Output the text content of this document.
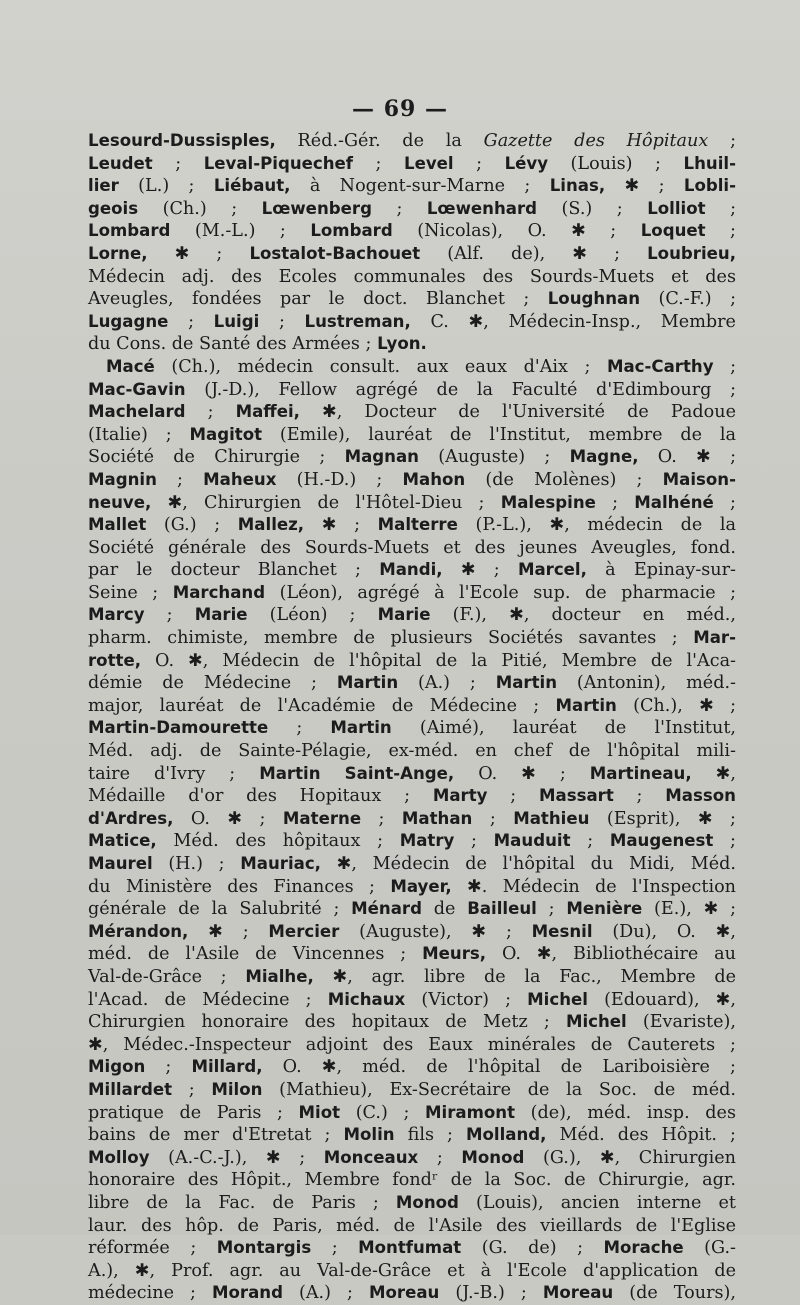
— 69 —
Lesourd-Dussisples, Réd.-Gér. de la Gazette des Hôpitaux ;
Leudet ; Leval-Piquechef ; Level ; Lévy (Louis) ; Lhuil-
lier (L.) ; Liébaut, à Nogent-sur-Marne ; Linas, ✱ ; Lobli-
geois (Ch.) ; Lœwenberg ; Lœwenhard (S.) ; Lolliot ;
Lombard (M.-L.) ; Lombard (Nicolas), O. ✱ ; Loquet ;
Lorne, ✱ ; Lostalot-Bachouet (Alf. de), ✱ ; Loubrieu,
Médecin adj. des Ecoles communales des Sourds-Muets et des
Aveugles, fondées par le doct. Blanchet ; Loughnan (C.-F.) ;
Lugagne ; Luigi ; Lustreman, C. ✱, Médecin-Insp., Membre
du Cons. de Santé des Armées ; Lyon.
Macé (Ch.), médecin consult. aux eaux d'Aix ; Mac-Carthy ;
Mac-Gavin (J.-D.), Fellow agrégé de la Faculté d'Edimbourg ;
Machelard ; Maffei, ✱, Docteur de l'Université de Padoue
(Italie) ; Magitot (Emile), lauréat de l'Institut, membre de la
Société de Chirurgie ; Magnan (Auguste) ; Magne, O. ✱ ;
Magnin ; Maheux (H.-D.) ; Mahon (de Molènes) ; Maison-
neuve, ✱, Chirurgien de l'Hôtel-Dieu ; Malespine ; Malhéné ;
Mallet (G.) ; Mallez, ✱ ; Malterre (P.-L.), ✱, médecin de la
Société générale des Sourds-Muets et des jeunes Aveugles, fond.
par le docteur Blanchet ; Mandi, ✱ ; Marcel, à Epinay-sur-
Seine ; Marchand (Léon), agrégé à l'Ecole sup. de pharmacie ;
Marcy ; Marie (Léon) ; Marie (F.), ✱, docteur en méd.,
pharm. chimiste, membre de plusieurs Sociétés savantes ; Mar-
rotte, O. ✱, Médecin de l'hôpital de la Pitié, Membre de l'Aca-
démie de Médecine ; Martin (A.) ; Martin (Antonin), méd.-
major, lauréat de l'Académie de Médecine ; Martin (Ch.), ✱ ;
Martin-Damourette ; Martin (Aimé), lauréat de l'Institut,
Méd. adj. de Sainte-Pélagie, ex-méd. en chef de l'hôpital mili-
taire d'Ivry ; Martin Saint-Ange, O. ✱ ; Martineau, ✱,
Médaille d'or des Hopitaux ; Marty ; Massart ; Masson
d'Ardres, O. ✱ ; Materne ; Mathan ; Mathieu (Esprit), ✱ ;
Matice, Méd. des hôpitaux ; Matry ; Mauduit ; Maugenest ;
Maurel (H.) ; Mauriac, ✱, Médecin de l'hôpital du Midi, Méd.
du Ministère des Finances ; Mayer, ✱. Médecin de l'Inspection
générale de la Salubrité ; Ménard de Bailleul ; Menière (E.), ✱ ;
Mérandon, ✱ ; Mercier (Auguste), ✱ ; Mesnil (Du), O. ✱,
méd. de l'Asile de Vincennes ; Meurs, O. ✱, Bibliothécaire au
Val-de-Grâce ; Mialhe, ✱, agr. libre de la Fac., Membre de
l'Acad. de Médecine ; Michaux (Victor) ; Michel (Edouard), ✱,
Chirurgien honoraire des hopitaux de Metz ; Michel (Evariste),
✱, Médec.-Inspecteur adjoint des Eaux minérales de Cauterets ;
Migon ; Millard, O. ✱, méd. de l'hôpital de Lariboisière ;
Millardet ; Milon (Mathieu), Ex-Secrétaire de la Soc. de méd.
pratique de Paris ; Miot (C.) ; Miramont (de), méd. insp. des
bains de mer d'Etretat ; Molin fils ; Molland, Méd. des Hôpit. ;
Molloy (A.-C.-J.), ✱ ; Monceaux ; Monod (G.), ✱, Chirurgien
honoraire des Hôpit., Membre fondʳ de la Soc. de Chirurgie, agr.
libre de la Fac. de Paris ; Monod (Louis), ancien interne et
laur. des hôp. de Paris, méd. de l'Asile des vieillards de l'Eglise
réformée ; Montargis ; Montfumat (G. de) ; Morache (G.-
A.), ✱, Prof. agr. au Val-de-Grâce et à l'Ecole d'application de
médecine ; Morand (A.) ; Moreau (J.-B.) ; Moreau (de Tours),
